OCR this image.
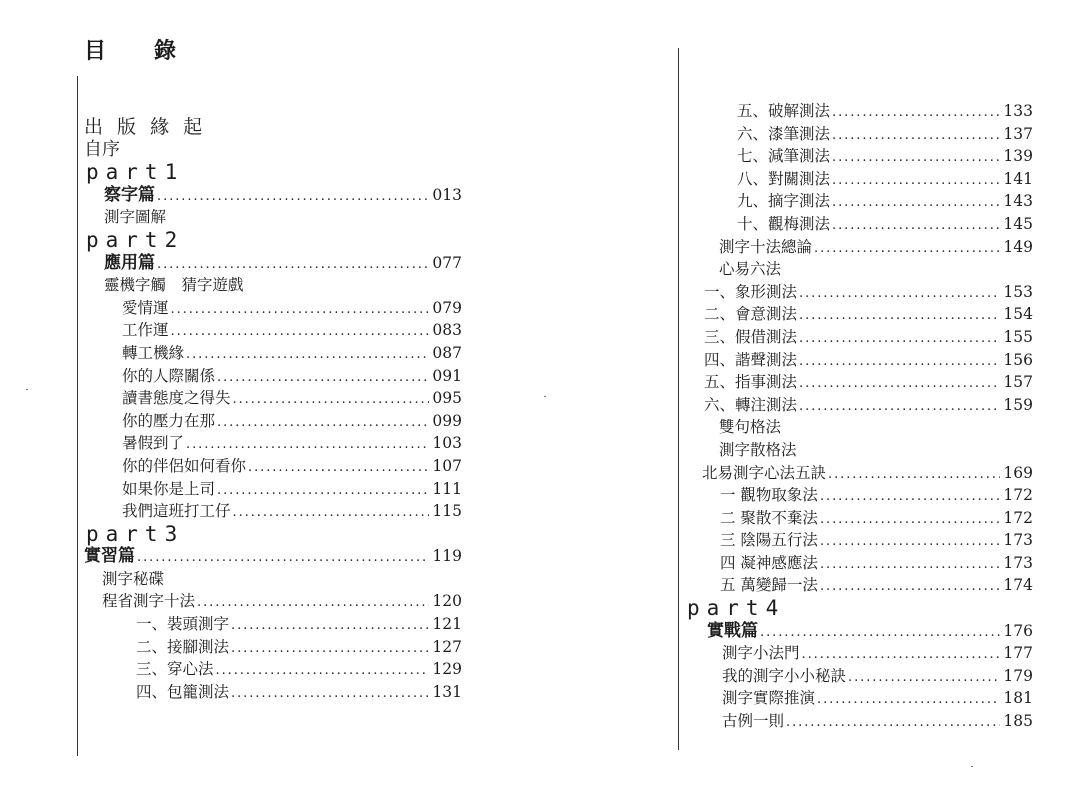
目 錄
出 版 緣 起
自序
part1
察字篇 . . .	013
測字圖解
part2
應用篇 . . .	077
靈機字觸　猜字遊戲
愛情運 . . .	079
工作運 . . .	083
轉工機緣 . . .	087
你的人際關係 . . .	091
讀書態度之得失 . . .	095
你的壓力在那 . . .	099
暑假到了 . . .	103
你的伴侶如何看你 . . .	107
如果你是上司 . . .	111
我們這班打工仔 . . .	115
part3
實習篇 . . .	119
測字秘碟
程省測字十法 . . .	120
一、裝頭測字 . . .	121
二、接腳測法 . . .	127
三、穿心法 . . .	129
四、包籠測法 . . .	131
五、破解測法 . . .	133
六、漆筆測法 . . .	137
七、減筆測法 . . .	139
八、對關測法 . . .	141
九、摘字測法 . . .	143
十、觀梅測法 . . .	145
測字十法總論 . . .	149
心易六法
一、象形測法 . . .	153
二、會意測法 . . .	154
三、假借測法 . . .	155
四、諧聲測法 . . .	156
五、指事測法 . . .	157
六、轉注測法 . . .	159
雙句格法
測字散格法
北易測字心法五訣 . . .	169
一 觀物取象法 . . .	172
二 聚散不棄法 . . .	172
三 陰陽五行法 . . .	173
四 凝神感應法 . . .	173
五 萬變歸一法 . . .	174
part4
實戰篇 . . .	176
測字小法門 . . .	177
我的測字小小秘訣 . . .	179
測字實際推演 . . .	181
古例一則 . . .	185
